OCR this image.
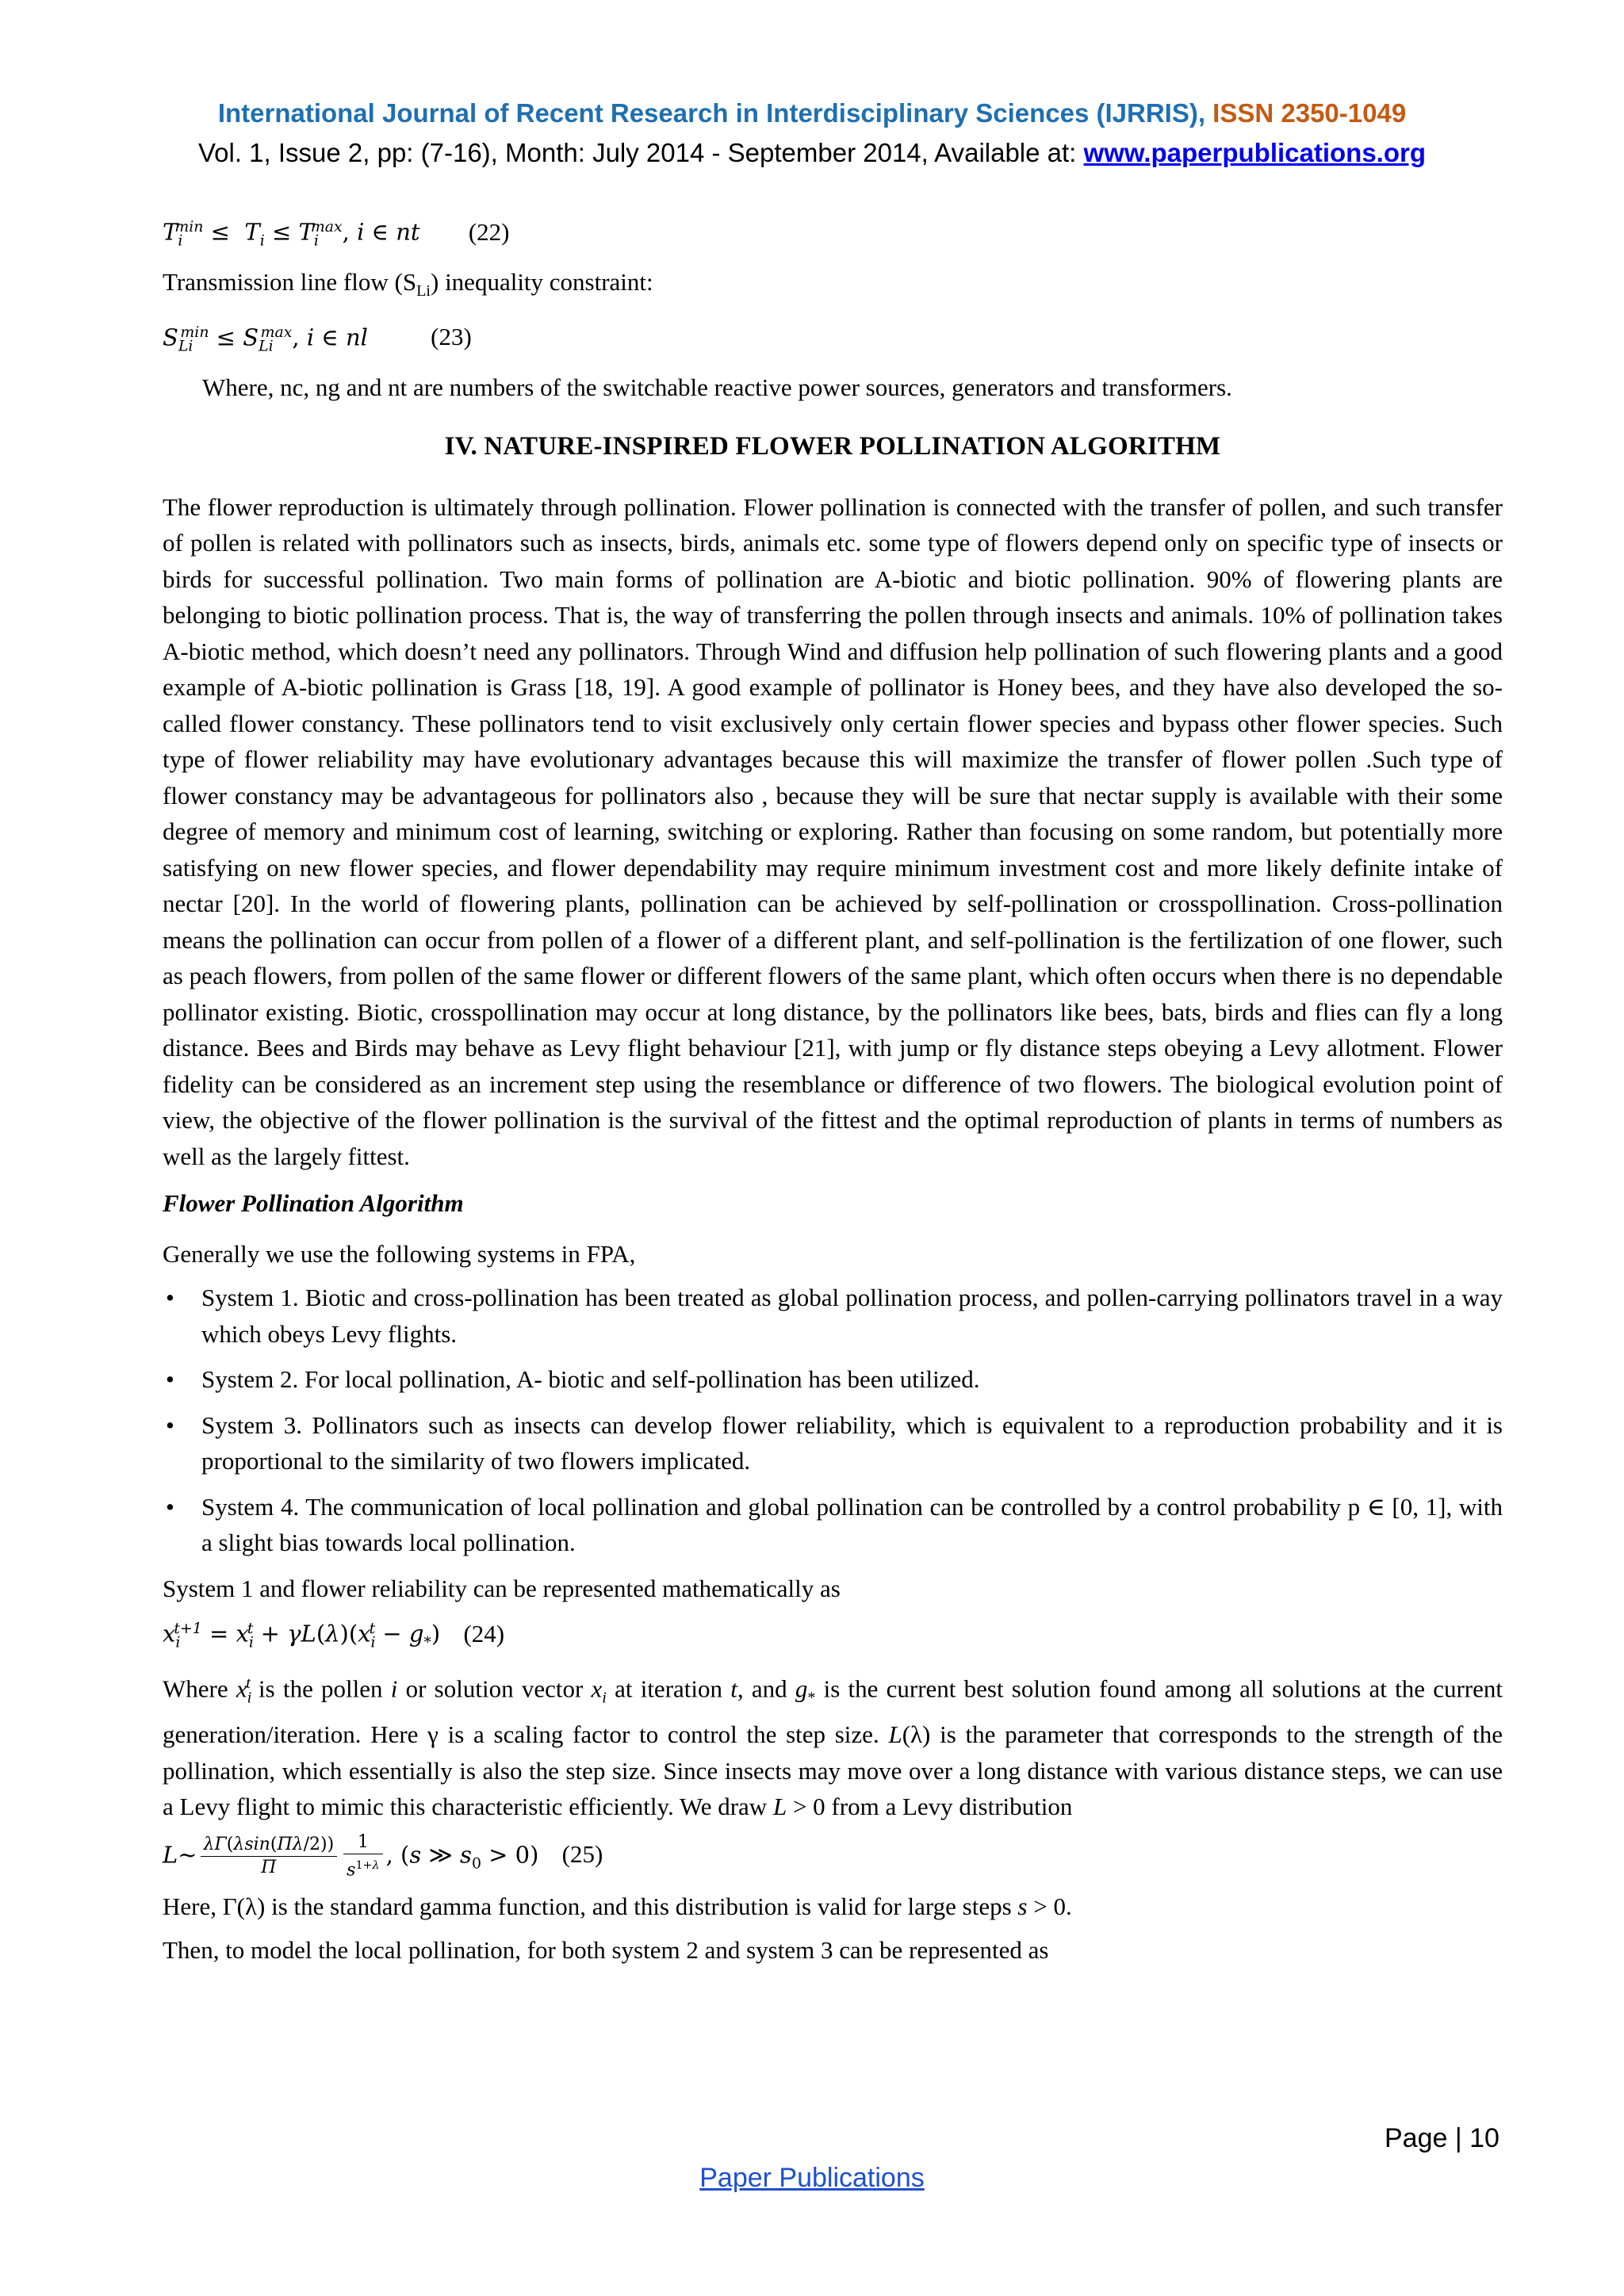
International Journal of Recent Research in Interdisciplinary Sciences (IJRRIS), ISSN 2350-1049
Vol. 1, Issue 2, pp: (7-16), Month: July 2014 - September 2014, Available at: www.paperpublications.org
$T_i^{min} \le T_i \le T_i^{max}$, i ∈ nt (22)

Transmission line flow $(S_{Li})$ inequality constraint:

$S_{Li}^{min} \le S_{Li}^{max}$, i ∈ nl	(23)

Where, nc, ng and nt are numbers of the switchable reactive power sources, generators and transformers.

IV. NATURE-INSPIRED FLOWER POLLINATION ALGORITHM

The flower reproduction is ultimately through pollination. Flower pollination is connected with the transfer of pollen, and such transfer of pollen is related with pollinators such as insects, birds, animals etc. some type of flowers depend only on specific type of insects or birds for successful pollination. Two main forms of pollination are A-biotic and biotic pollination. 90% of flowering plants are belonging to biotic pollination process. That is, the way of transferring the pollen through insects and animals. 10% of pollination takes A-biotic method, which doesn’t need any pollinators. Through Wind and diffusion help pollination of such flowering plants and a good example of A-biotic pollination is Grass [18, 19]. A good example of pollinator is Honey bees, and they have also developed the so-called flower constancy. These pollinators tend to visit exclusively only certain flower species and bypass other flower species. Such type of flower reliability may have evolutionary advantages because this will maximize the transfer of flower pollen .Such type of flower constancy may be advantageous for pollinators also , because they will be sure that nectar supply is available with their some degree of memory and minimum cost of learning, switching or exploring. Rather than focusing on some random, but potentially more satisfying on new flower species, and flower dependability may require minimum investment cost and more likely definite intake of nectar [20]. In the world of flowering plants, pollination can be achieved by self-pollination or crosspollination. Cross-pollination means the pollination can occur from pollen of a flower of a different plant, and self-pollination is the fertilization of one flower, such as peach flowers, from pollen of the same flower or different flowers of the same plant, which often occurs when there is no dependable pollinator existing. Biotic, crosspollination may occur at long distance, by the pollinators like bees, bats, birds and flies can fly a long distance. Bees and Birds may behave as Levy flight behaviour [21], with jump or fly distance steps obeying a Levy allotment. Flower fidelity can be considered as an increment step using the resemblance or difference of two flowers. The biological evolution point of view, the objective of the flower pollination is the survival of the fittest and the optimal reproduction of plants in terms of numbers as well as the largely fittest.

Flower Pollination Algorithm

Generally we use the following systems in FPA,

• System 1. Biotic and cross-pollination has been treated as global pollination process, and pollen-carrying pollinators travel in a way which obeys Levy flights.
• System 2. For local pollination, A- biotic and self-pollination has been utilized.
• System 3. Pollinators such as insects can develop flower reliability, which is equivalent to a reproduction probability and it is proportional to the similarity of two flowers implicated.
• System 4. The communication of local pollination and global pollination can be controlled by a control probability p ∈ [0, 1], with a slight bias towards local pollination.

System 1 and flower reliability can be represented mathematically as

$x_i^{t+1} = x_i^t + \gamma L(\lambda)(x_i^t - g_*)$ (24)

Where $x_i^t$ is the pollen i or solution vector $x_i$ at iteration t, and $g_*$ is the current best solution found among all solutions at the current generation/iteration. Here γ is a scaling factor to control the step size. L(λ) is the parameter that corresponds to the strength of the pollination, which essentially is also the step size. Since insects may move over a long distance with various distance steps, we can use a Levy flight to mimic this characteristic efficiently. We draw L > 0 from a Levy distribution

L~ $\frac{\lambda\Gamma(\lambda\sin(\Pi\lambda/2))}{\Pi} \frac{1}{s^{1+\lambda}}$ , (s ≫ $s_0 > 0$) (25)

Here, Γ(λ) is the standard gamma function, and this distribution is valid for large steps s > 0.

Then, to model the local pollination, for both system 2 and system 3 can be represented as

Page | 10
Paper Publications
